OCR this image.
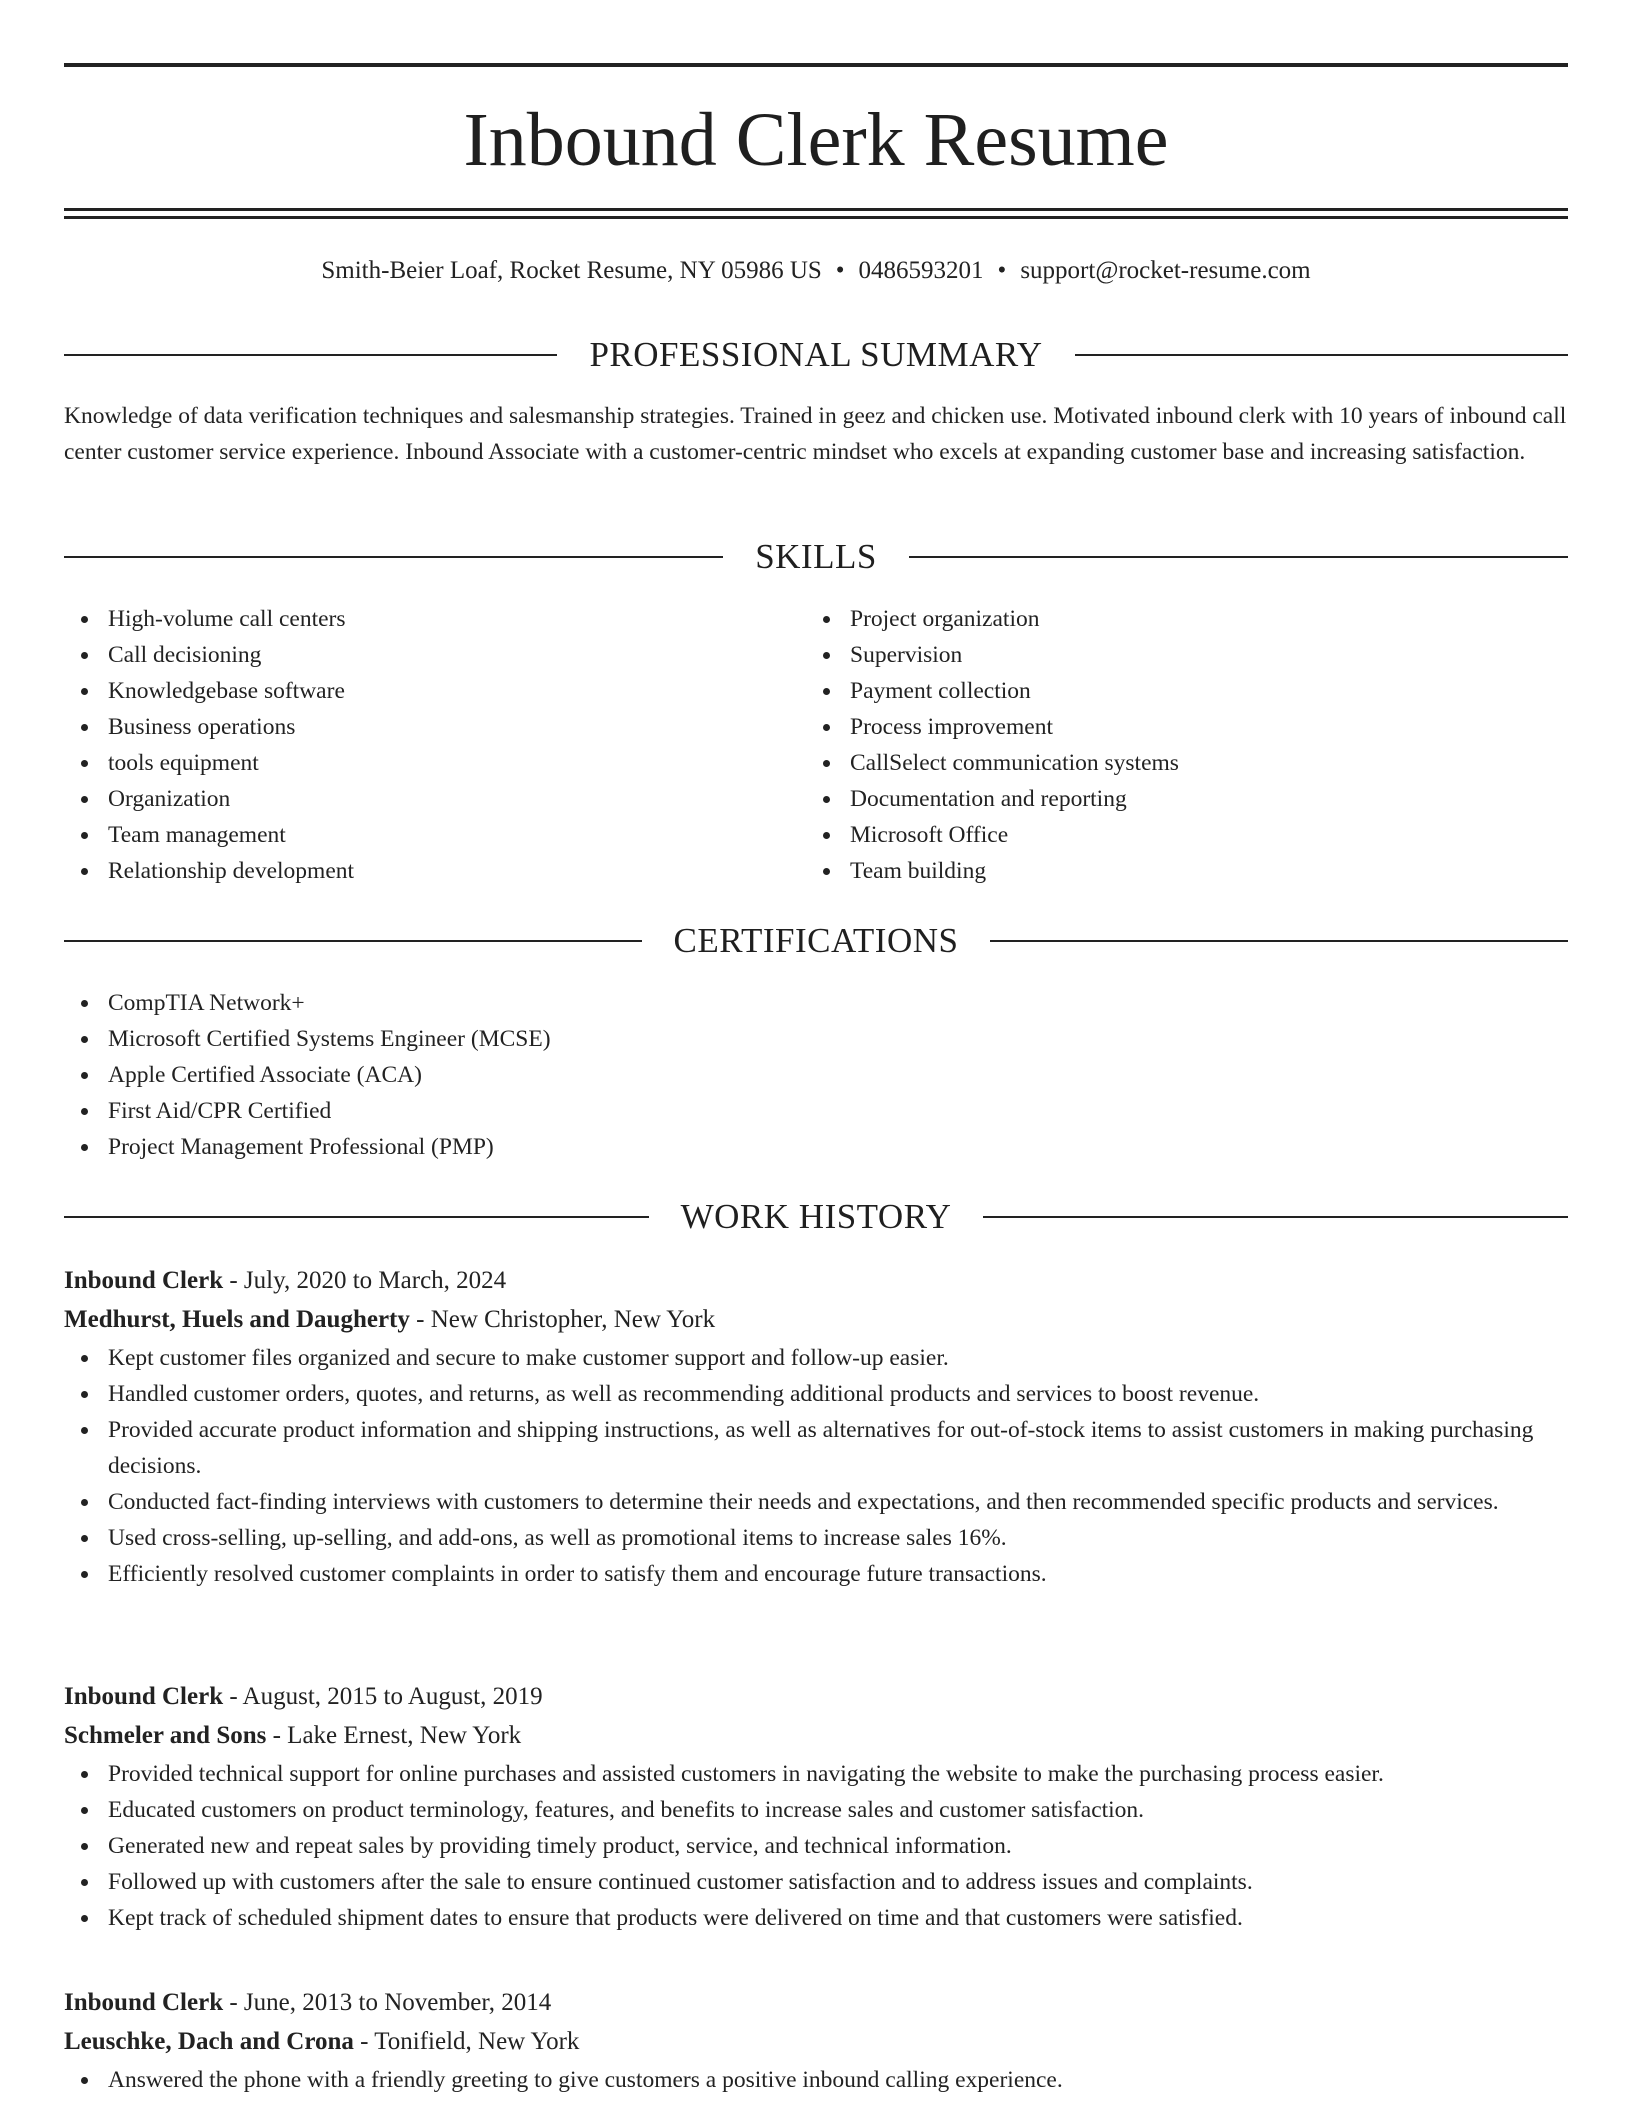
Inbound Clerk Resume
Smith-Beier Loaf, Rocket Resume, NY 05986 US • 0486593201 • support@rocket-resume.com
PROFESSIONAL SUMMARY

Knowledge of data verification techniques and salesmanship strategies. Trained in geez and chicken use. Motivated inbound clerk with 10 years of inbound call center customer service experience. Inbound Associate with a customer-centric mindset who excels at expanding customer base and increasing satisfaction.

SKILLS
High-volume call centers
Call decisioning
Knowledgebase software
Business operations
tools equipment
Organization
Team management
Relationship development
Project organization
Supervision
Payment collection
Process improvement
CallSelect communication systems
Documentation and reporting
Microsoft Office
Team building
CERTIFICATIONS
CompTIA Network+
Microsoft Certified Systems Engineer (MCSE)
Apple Certified Associate (ACA)
First Aid/CPR Certified
Project Management Professional (PMP)
WORK HISTORY
Inbound Clerk - July, 2020 to March, 2024
Medhurst, Huels and Daugherty - New Christopher, New York
Kept customer files organized and secure to make customer support and follow-up easier.
Handled customer orders, quotes, and returns, as well as recommending additional products and services to boost revenue.
Provided accurate product information and shipping instructions, as well as alternatives for out-of-stock items to assist customers in making purchasing decisions.
Conducted fact-finding interviews with customers to determine their needs and expectations, and then recommended specific products and services.
Used cross-selling, up-selling, and add-ons, as well as promotional items to increase sales 16%.
Efficiently resolved customer complaints in order to satisfy them and encourage future transactions.
Inbound Clerk - August, 2015 to August, 2019
Schmeler and Sons - Lake Ernest, New York
Provided technical support for online purchases and assisted customers in navigating the website to make the purchasing process easier.
Educated customers on product terminology, features, and benefits to increase sales and customer satisfaction.
Generated new and repeat sales by providing timely product, service, and technical information.
Followed up with customers after the sale to ensure continued customer satisfaction and to address issues and complaints.
Kept track of scheduled shipment dates to ensure that products were delivered on time and that customers were satisfied.
Inbound Clerk - June, 2013 to November, 2014
Leuschke, Dach and Crona - Tonifield, New York
Answered the phone with a friendly greeting to give customers a positive inbound calling experience.
